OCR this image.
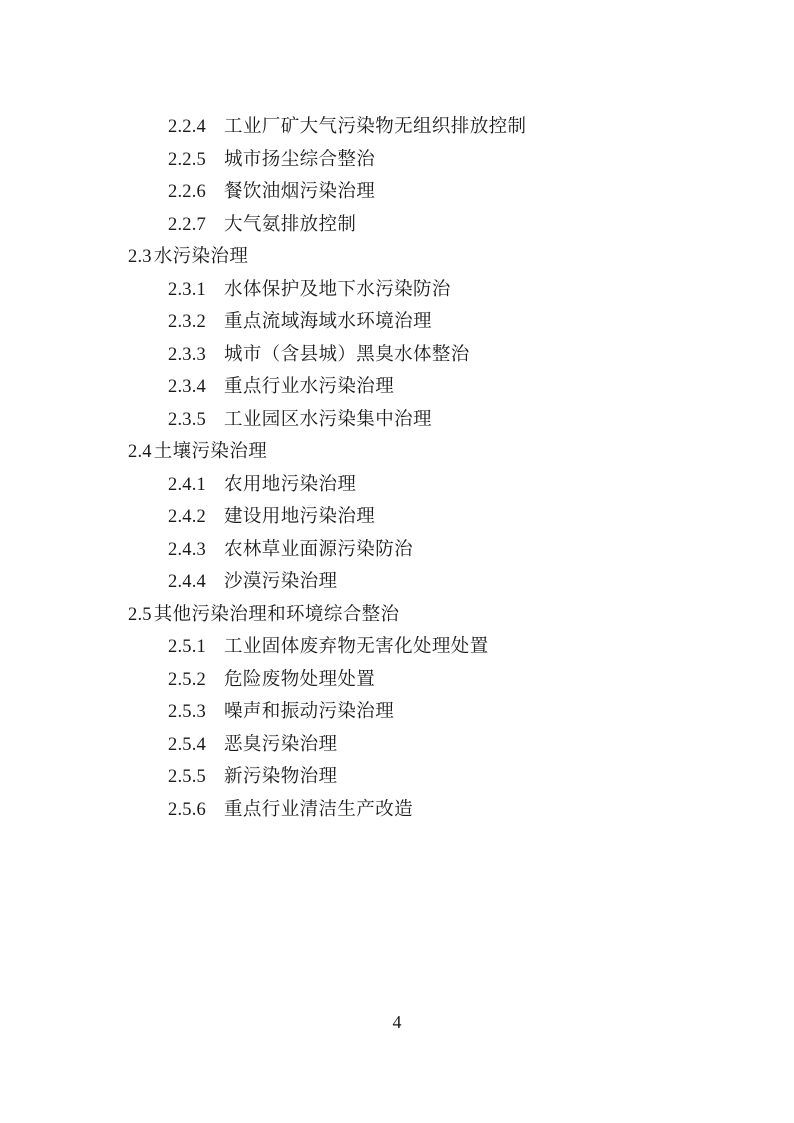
2.2.4 工业厂矿大气污染物无组织排放控制
2.2.5 城市扬尘综合整治
2.2.6 餐饮油烟污染治理
2.2.7 大气氨排放控制
2.3 水污染治理
2.3.1 水体保护及地下水污染防治
2.3.2 重点流域海域水环境治理
2.3.3 城市（含县城）黑臭水体整治
2.3.4 重点行业水污染治理
2.3.5 工业园区水污染集中治理
2.4 土壤污染治理
2.4.1 农用地污染治理
2.4.2 建设用地污染治理
2.4.3 农林草业面源污染防治
2.4.4 沙漠污染治理
2.5 其他污染治理和环境综合整治
2.5.1 工业固体废弃物无害化处理处置
2.5.2 危险废物处理处置
2.5.3 噪声和振动污染治理
2.5.4 恶臭污染治理
2.5.5 新污染物治理
2.5.6 重点行业清洁生产改造
4
